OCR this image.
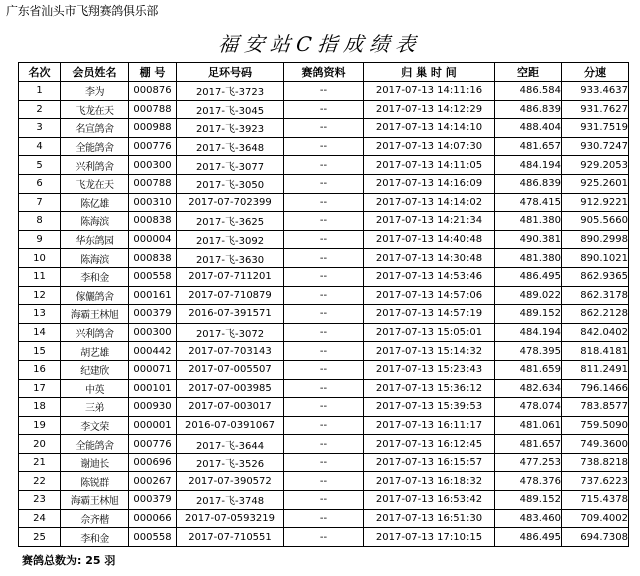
广东省汕头市飞翔赛鸽俱乐部
福安站C指成绩表
名次	会员姓名	棚 号	足环号码	赛鸽资料	归 巢 时 间	空距	分速
1	李为	000876	2017-飞-3723	--	2017-07-13 14:11:16	486.584	933.4637
2	飞龙在天	000788	2017-飞-3045	--	2017-07-13 14:12:29	486.839	931.7627
3	名宣鸽舍	000988	2017-飞-3923	--	2017-07-13 14:14:10	488.404	931.7519
4	全能鸽舍	000776	2017-飞-3648	--	2017-07-13 14:07:30	481.657	930.7247
5	兴利鸽舍	000300	2017-飞-3077	--	2017-07-13 14:11:05	484.194	929.2053
6	飞龙在天	000788	2017-飞-3050	--	2017-07-13 14:16:09	486.839	925.2601
7	陈亿雄	000310	2017-07-702399	--	2017-07-13 14:14:02	478.415	912.9221
8	陈海滨	000838	2017-飞-3625	--	2017-07-13 14:21:34	481.380	905.5660
9	华东鸽园	000004	2017-飞-3092	--	2017-07-13 14:40:48	490.381	890.2998
10	陈海滨	000838	2017-飞-3630	--	2017-07-13 14:30:48	481.380	890.1021
11	李和金	000558	2017-07-711201	--	2017-07-13 14:53:46	486.495	862.9365
12	傢儷鸽舍	000161	2017-07-710879	--	2017-07-13 14:57:06	489.022	862.3178
13	海霸王林旭	000379	2016-07-391571	--	2017-07-13 14:57:19	489.152	862.2128
14	兴利鸽舍	000300	2017-飞-3072	--	2017-07-13 15:05:01	484.194	842.0402
15	胡艺雄	000442	2017-07-703143	--	2017-07-13 15:14:32	478.395	818.4181
16	纪建欣	000071	2017-07-005507	--	2017-07-13 15:23:43	481.659	811.2491
17	中英	000101	2017-07-003985	--	2017-07-13 15:36:12	482.634	796.1466
18	三弟	000930	2017-07-003017	--	2017-07-13 15:39:53	478.074	783.8577
19	李文荣	000001	2016-07-0391067	--	2017-07-13 16:11:17	481.061	759.5090
20	全能鸽舍	000776	2017-飞-3644	--	2017-07-13 16:12:45	481.657	749.3600
21	谢迪长	000696	2017-飞-3526	--	2017-07-13 16:15:57	477.253	738.8218
22	陈锐群	000267	2017-07-390572	--	2017-07-13 16:18:32	478.376	737.6223
23	海霸王林旭	000379	2017-飞-3748	--	2017-07-13 16:53:42	489.152	715.4378
24	佘齐楷	000066	2017-07-0593219	--	2017-07-13 16:51:30	483.460	709.4002
25	李和金	000558	2017-07-710551	--	2017-07-13 17:10:15	486.495	694.7308
赛鸽总数为: 25 羽
